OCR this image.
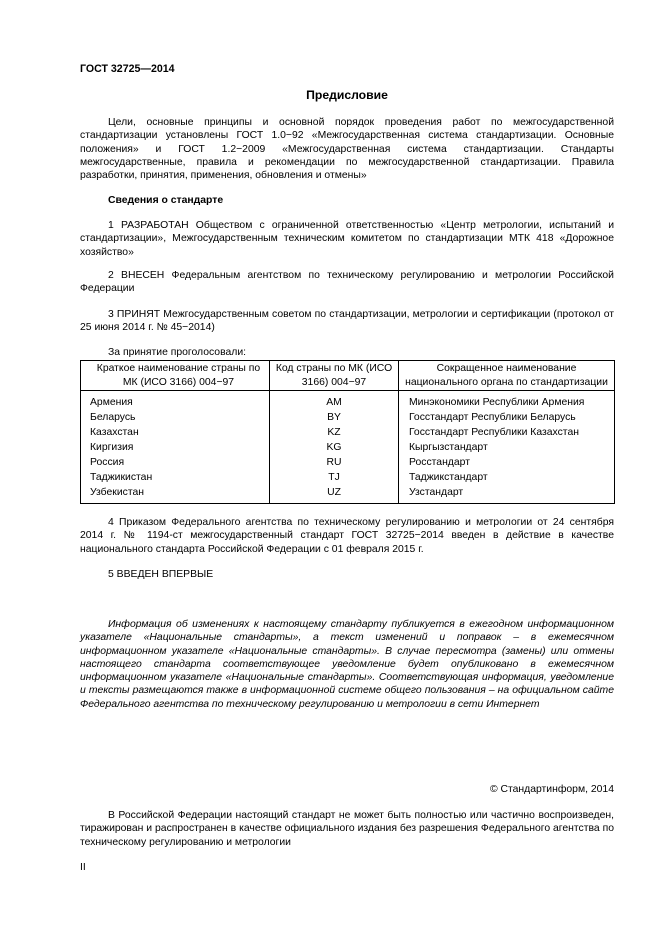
ГОСТ 32725—2014
Предисловие

Цели, основные принципы и основной порядок проведения работ по межгосударственной стандартизации установлены ГОСТ 1.0−92 «Межгосударственная система стандартизации. Основные положения» и ГОСТ 1.2−2009 «Межгосударственная система стандартизации. Стандарты межгосударственные, правила и рекомендации по межгосударственной стандартизации. Правила разработки, принятия, применения, обновления и отмены»

Сведения о стандарте

1 РАЗРАБОТАН Обществом с ограниченной ответственностью «Центр метрологии, испытаний и стандартизации», Межгосударственным техническим комитетом по стандартизации МТК 418 «Дорожное хозяйство»

2 ВНЕСЕН Федеральным агентством по техническому регулированию и метрологии Российской Федерации

3 ПРИНЯТ Межгосударственным советом по стандартизации, метрологии и сертификации (протокол от 25 июня 2014 г. № 45−2014)

За принятие проголосовали:
Краткое наименование страны по МК (ИСО 3166) 004−97	Код страны по МК (ИСО 3166) 004−97	Сокращенное наименование национального органа по стандартизации
Армения	AM	Минэкономики Республики Армения
Беларусь	BY	Госстандарт Республики Беларусь
Казахстан	KZ	Госстандарт Республики Казахстан
Киргизия	KG	Кыргызстандарт
Россия	RU	Росстандарт
Таджикистан	TJ	Таджикстандарт
Узбекистан	UZ	Узстандарт

4 Приказом Федерального агентства по техническому регулированию и метрологии от 24 сентября 2014 г. № 1194-ст межгосударственный стандарт ГОСТ 32725−2014 введен в действие в качестве национального стандарта Российской Федерации с 01 февраля 2015 г.

5 ВВЕДЕН ВПЕРВЫЕ

Информация об изменениях к настоящему стандарту публикуется в ежегодном информационном указателе «Национальные стандарты», а текст изменений и поправок – в ежемесячном информационном указателе «Национальные стандарты». В случае пересмотра (замены) или отмены настоящего стандарта соответствующее уведомление будет опубликовано в ежемесячном информационном указателе «Национальные стандарты». Соответствующая информация, уведомление и тексты размещаются также в информационной системе общего пользования – на официальном сайте Федерального агентства по техническому регулированию и метрологии в сети Интернет

© Стандартинформ, 2014

В Российской Федерации настоящий стандарт не может быть полностью или частично воспроизведен, тиражирован и распространен в качестве официального издания без разрешения Федерального агентства по техническому регулированию и метрологии

II
